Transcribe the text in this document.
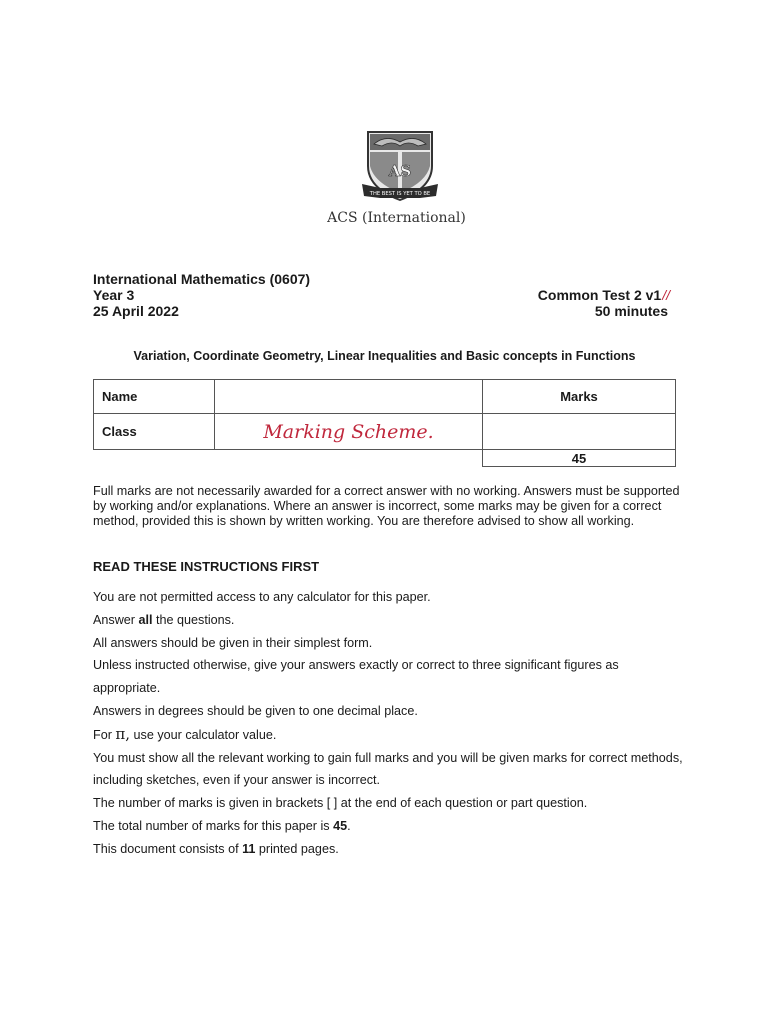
AS
THE BEST IS YET TO BE
ACS (International)
International Mathematics (0607)
Year 3
25 April 2022
Common Test 2 v1//
50 minutes
Variation, Coordinate Geometry, Linear Inequalities and Basic concepts in Functions
Name		Marks
Class	Marking Scheme.	
		45
Full marks are not necessarily awarded for a correct answer with no working. Answers must be supported by working and/or explanations. Where an answer is incorrect, some marks may be given for a correct method, provided this is shown by written working. You are therefore advised to show all working.
READ THESE INSTRUCTIONS FIRST

You are not permitted access to any calculator for this paper.

Answer all the questions.

All answers should be given in their simplest form.

Unless instructed otherwise, give your answers exactly or correct to three significant figures as appropriate.

Answers in degrees should be given to one decimal place.

For π, use your calculator value.

You must show all the relevant working to gain full marks and you will be given marks for correct methods, including sketches, even if your answer is incorrect.

The number of marks is given in brackets [ ] at the end of each question or part question.

The total number of marks for this paper is 45.

This document consists of 11 printed pages.
